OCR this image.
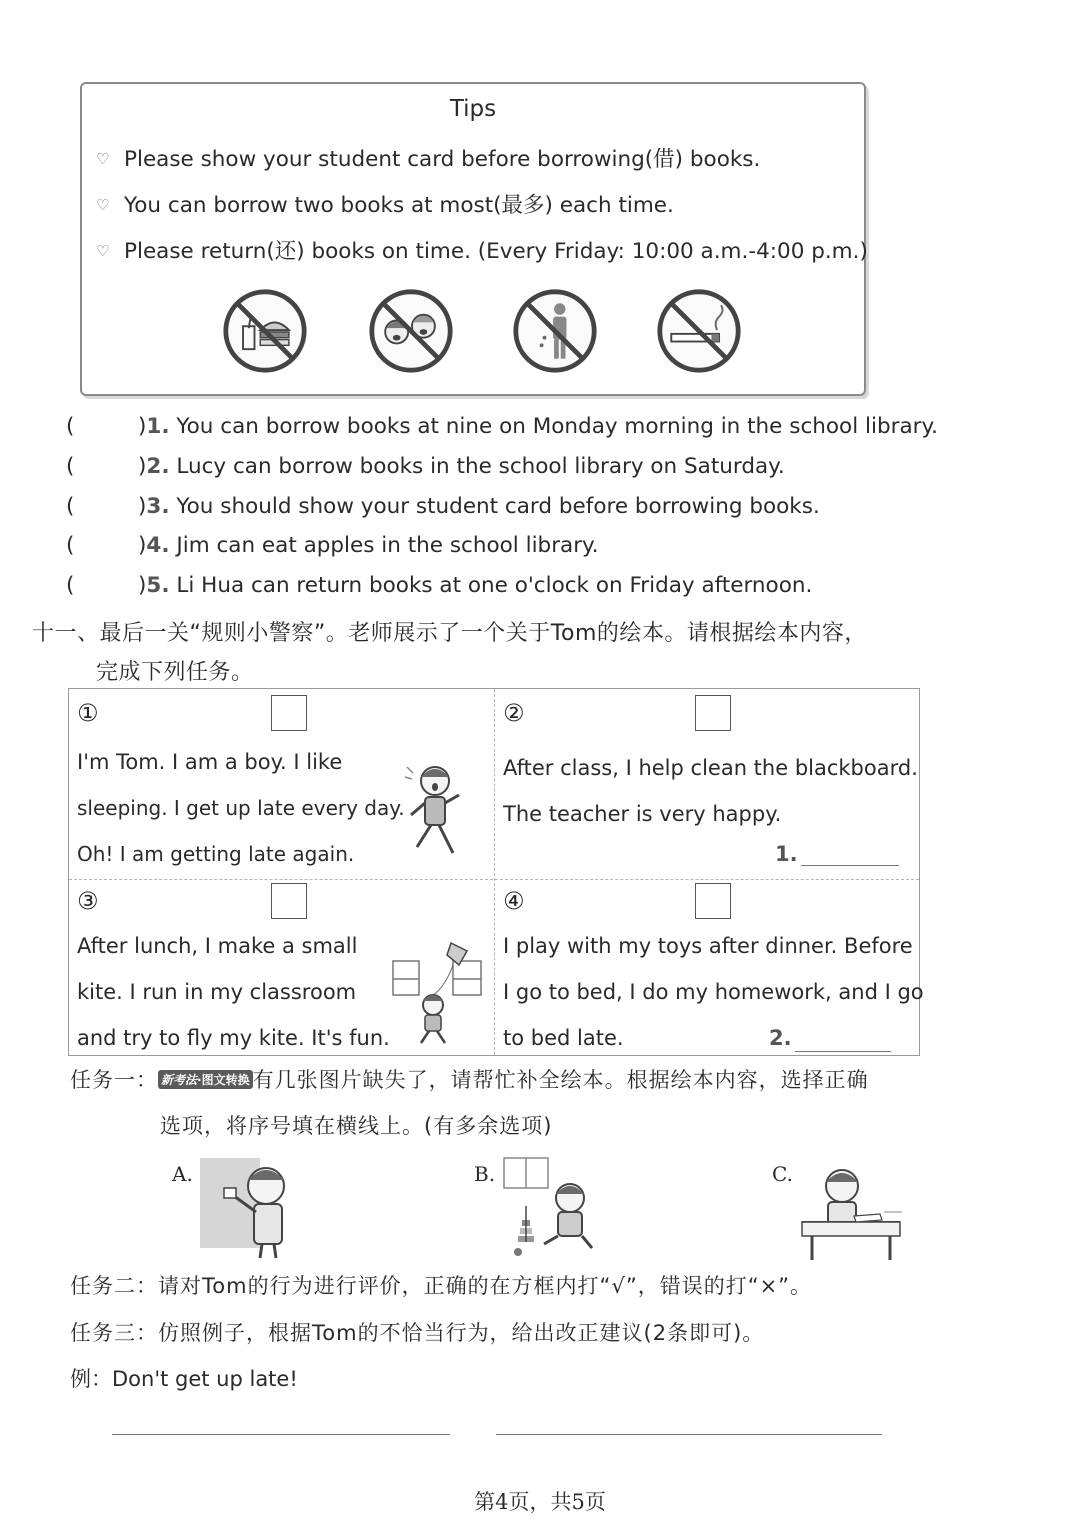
Tips
♡ Please show your student card before borrowing(借) books.
♡ You can borrow two books at most(最多) each time.
♡ Please return(还) books on time. (Every Friday: 10:00 a.m.-4:00 p.m.)
(	)1. You can borrow books at nine on Monday morning in the school library.
(	)2. Lucy can borrow books in the school library on Saturday.
(	)3. You should show your student card before borrowing books.
(	)4. Jim can eat apples in the school library.
(	)5. Li Hua can return books at one o'clock on Friday afternoon.
十一、最后一关“规则小警察”。老师展示了一个关于Tom的绘本。请根据绘本内容，
完成下列任务。
①
I'm Tom. I am a boy. I like
sleeping. I get up late every day.
Oh! I am getting late again.
②
After class, I help clean the blackboard.
The teacher is very happy.
1.
③
After lunch, I make a small
kite. I run in my classroom
and try to fly my kite. It's fun.
④
I play with my toys after dinner. Before
I go to bed, I do my homework, and I go
to bed late.	2.
任务一： 新考法·图文转换 有几张图片缺失了，请帮忙补全绘本。根据绘本内容，选择正确
选项，将序号填在横线上。(有多余选项)
A.	B.	C.
任务二：请对Tom的行为进行评价，正确的在方框内打“√”，错误的打“×”。
任务三：仿照例子，根据Tom的不恰当行为，给出改正建议(2条即可)。
例：Don't get up late!
第4页，共5页
